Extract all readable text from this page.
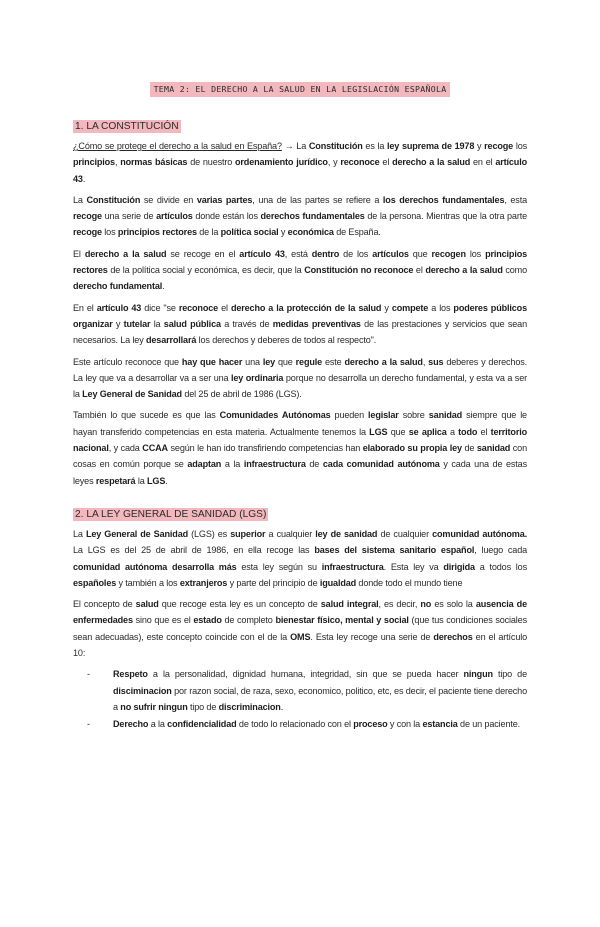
TEMA 2: EL DERECHO A LA SALUD EN LA LEGISLACIÓN ESPAÑOLA
1. LA CONSTITUCIÓN

¿Cómo se protege el derecho a la salud en España? → La Constitución es la ley suprema de 1978 y recoge los principios, normas básicas de nuestro ordenamiento jurídico, y reconoce el derecho a la salud en el artículo 43.

La Constitución se divide en varias partes, una de las partes se refiere a los derechos fundamentales, esta recoge una serie de artículos donde están los derechos fundamentales de la persona. Mientras que la otra parte recoge los principios rectores de la política social y económica de España.

El derecho a la salud se recoge en el artículo 43, está dentro de los artículos que recogen los principios rectores de la política social y económica, es decir, que la Constitución no reconoce el derecho a la salud como derecho fundamental.

En el artículo 43 dice "se reconoce el derecho a la protección de la salud y compete a los poderes públicos organizar y tutelar la salud pública a través de medidas preventivas de las prestaciones y servicios que sean necesarios. La ley desarrollará los derechos y deberes de todos al respecto".

Este artículo reconoce que hay que hacer una ley que regule este derecho a la salud, sus deberes y derechos. La ley que va a desarrollar va a ser una ley ordinaria porque no desarrolla un derecho fundamental, y esta va a ser la Ley General de Sanidad del 25 de abril de 1986 (LGS).

También lo que sucede es que las Comunidades Autónomas pueden legislar sobre sanidad siempre que le hayan transferido competencias en esta materia. Actualmente tenemos la LGS que se aplica a todo el territorio nacional, y cada CCAA según le han ido transfiriendo competencias han elaborado su propia ley de sanidad con cosas en común porque se adaptan a la infraestructura de cada comunidad autónoma y cada una de estas leyes respetará la LGS.

2. LA LEY GENERAL DE SANIDAD (LGS)

La Ley General de Sanidad (LGS) es superior a cualquier ley de sanidad de cualquier comunidad autónoma. La LGS es del 25 de abril de 1986, en ella recoge las bases del sistema sanitario español, luego cada comunidad autónoma desarrolla más esta ley según su infraestructura. Esta ley va dirigida a todos los españoles y también a los extranjeros y parte del principio de igualdad donde todo el mundo tiene

El concepto de salud que recoge esta ley es un concepto de salud integral, es decir, no es solo la ausencia de enfermedades sino que es el estado de completo bienestar físico, mental y social (que tus condiciones sociales sean adecuadas), este concepto coincide con el de la OMS. Esta ley recoge una serie de derechos en el artículo 10:

- Respeto a la personalidad, dignidad humana, integridad, sin que se pueda hacer ningun tipo de disciminacion por razon social, de raza, sexo, economico, politico, etc, es decir, el paciente tiene derecho a no sufrir ningun tipo de discriminacion.
- Derecho a la confidencialidad de todo lo relacionado con el proceso y con la estancia de un paciente.
